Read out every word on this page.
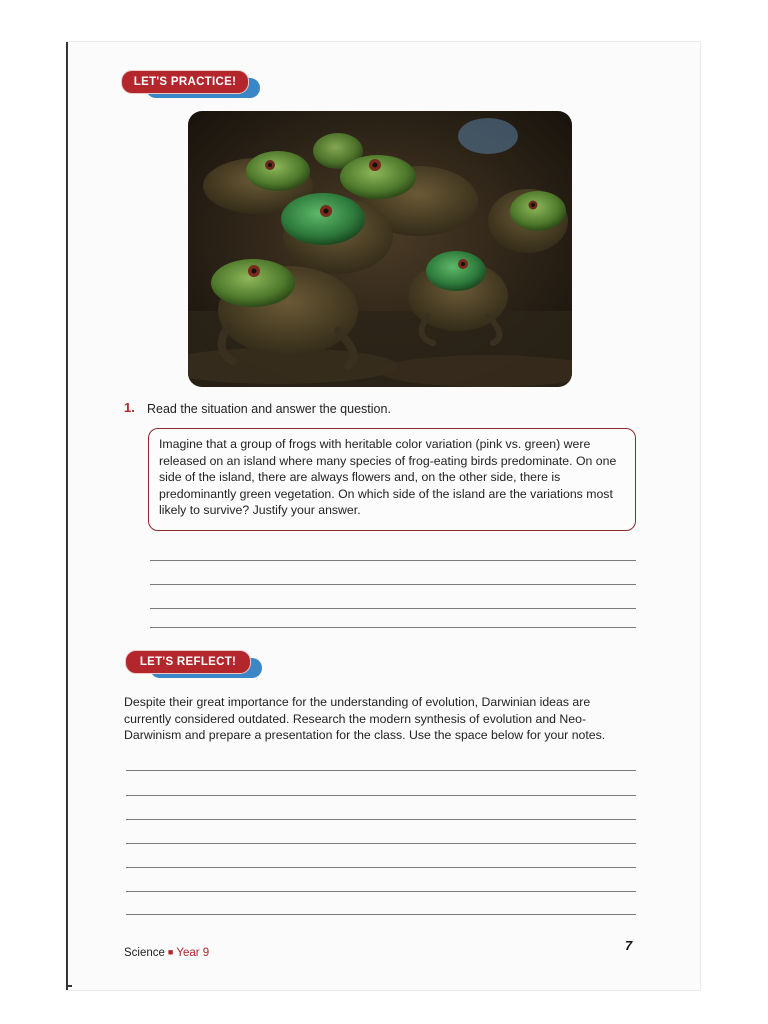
LET'S PRACTICE!
1. Read the situation and answer the question.
Imagine that a group of frogs with heritable color variation (pink vs. green) were released on an island where many species of frog-eating birds predominate. On one side of the island, there are always flowers and, on the other side, there is predominantly green vegetation. On which side of the island are the variations most likely to survive? Justify your answer.
LET'S REFLECT!
Despite their great importance for the understanding of evolution, Darwinian ideas are currently considered outdated. Research the modern synthesis of evolution and Neo-Darwinism and prepare a presentation for the class. Use the space below for your notes.
Science ■ Year 9	7
